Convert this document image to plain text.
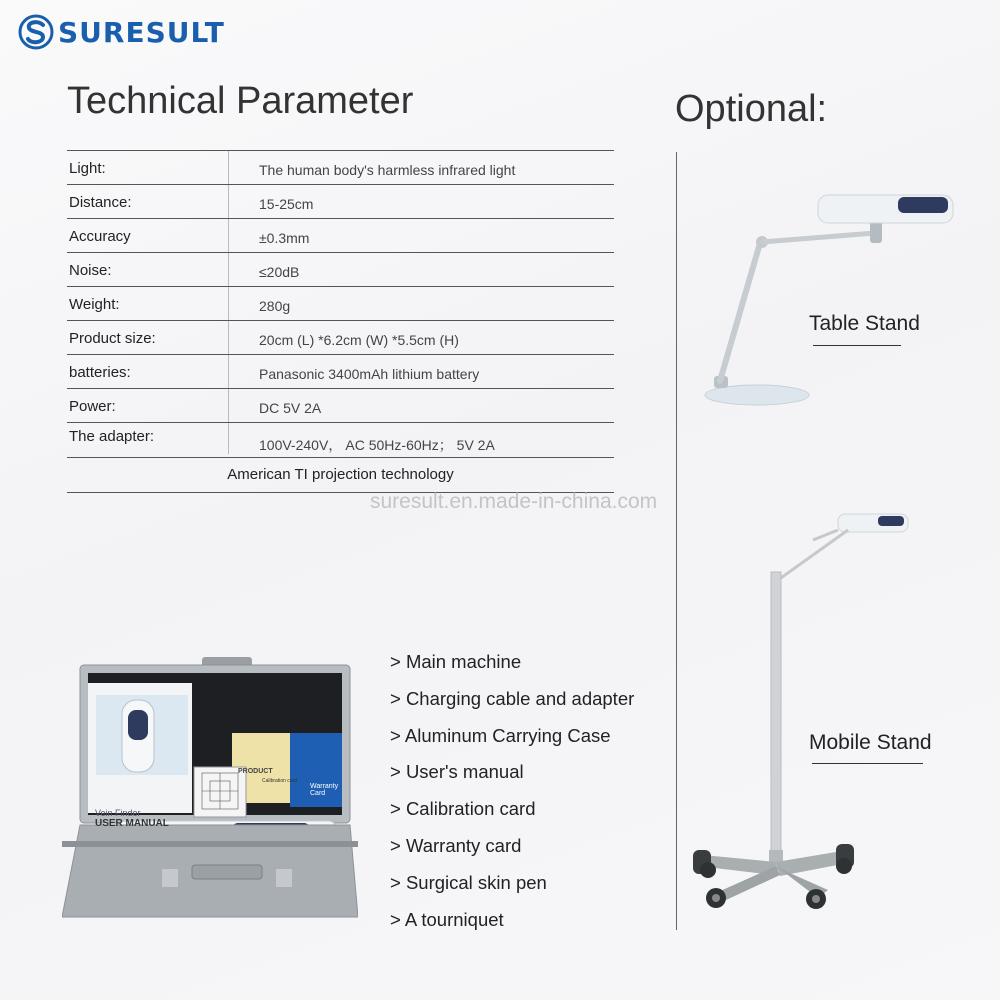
SURESULT
Technical Parameter	Optional:
Light:	The human body's harmless infrared light
Distance:	15-25cm
Accuracy	±0.3mm
Noise:	≤20dB
Weight:	280g
Product size:	20cm (L) *6.2cm (W) *5.5cm (H)
batteries:	Panasonic 3400mAh lithium battery
Power:	DC 5V 2A
The adapter:	100V-240V， AC 50Hz-60Hz； 5V 2A
American TI projection technology
suresult.en.made-in-china.com
Table Stand
Mobile Stand
Vein Finder
USER MANUAL
PRODUCT
Calibration card
Warranty Card
> Main machine
> Charging cable and adapter
> Aluminum Carrying Case
> User's manual
> Calibration card
> Warranty card
> Surgical skin pen
> A tourniquet
